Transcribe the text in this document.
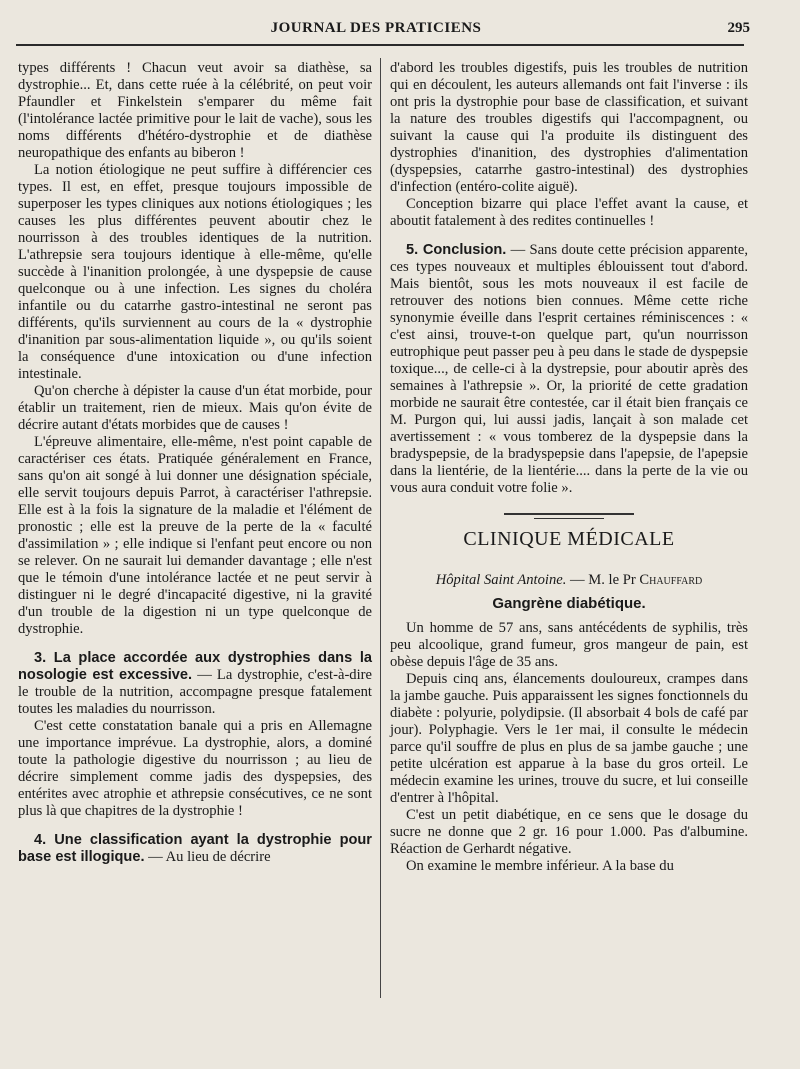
JOURNAL DES PRATICIENS	295

types différents ! Chacun veut avoir sa diathèse, sa dystrophie... Et, dans cette ruée à la célébrité, on peut voir Pfaundler et Finkelstein s'emparer du même fait (l'intolérance lactée primitive pour le lait de vache), sous les noms différents d'hétéro-dystrophie et de diathèse neuropathique des enfants au biberon !

La notion étiologique ne peut suffire à différencier ces types. Il est, en effet, presque toujours impossible de superposer les types cliniques aux notions étiologiques ; les causes les plus différentes peuvent aboutir chez le nourrisson à des troubles identiques de la nutrition. L'athrepsie sera toujours identique à elle-même, qu'elle succède à l'inanition prolongée, à une dyspepsie de cause quelconque ou à une infection. Les signes du choléra infantile ou du catarrhe gastro-intestinal ne seront pas différents, qu'ils surviennent au cours de la « dystrophie d'inanition par sous-alimentation liquide », ou qu'ils soient la conséquence d'une intoxication ou d'une infection intestinale.

Qu'on cherche à dépister la cause d'un état morbide, pour établir un traitement, rien de mieux. Mais qu'on évite de décrire autant d'états morbides que de causes !

L'épreuve alimentaire, elle-même, n'est point capable de caractériser ces états. Pratiquée généralement en France, sans qu'on ait songé à lui donner une désignation spéciale, elle servit toujours depuis Parrot, à caractériser l'athrepsie. Elle est à la fois la signature de la maladie et l'élément de pronostic ; elle est la preuve de la perte de la « faculté d'assimilation » ; elle indique si l'enfant peut encore ou non se relever. On ne saurait lui demander davantage ; elle n'est que le témoin d'une intolérance lactée et ne peut servir à distinguer ni le degré d'incapacité digestive, ni la gravité d'un trouble de la digestion ni un type quelconque de dystrophie.

3. La place accordée aux dystrophies dans la nosologie est excessive. — La dystrophie, c'est-à-dire le trouble de la nutrition, accompagne presque fatalement toutes les maladies du nourrisson.

C'est cette constatation banale qui a pris en Allemagne une importance imprévue. La dystrophie, alors, a dominé toute la pathologie digestive du nourrisson ; au lieu de décrire simplement comme jadis des dyspepsies, des entérites avec atrophie et athrepsie consécutives, ce ne sont plus là que chapitres de la dystrophie !

4. Une classification ayant la dystrophie pour base est illogique. — Au lieu de décrire

d'abord les troubles digestifs, puis les troubles de nutrition qui en découlent, les auteurs allemands ont fait l'inverse : ils ont pris la dystrophie pour base de classification, et suivant la nature des troubles digestifs qui l'accompagnent, ou suivant la cause qui l'a produite ils distinguent des dystrophies d'inanition, des dystrophies d'alimentation (dyspepsies, catarrhe gastro-intestinal) des dystrophies d'infection (entéro-colite aiguë).

Conception bizarre qui place l'effet avant la cause, et aboutit fatalement à des redites continuelles !

5. Conclusion. — Sans doute cette précision apparente, ces types nouveaux et multiples éblouissent tout d'abord. Mais bientôt, sous les mots nouveaux il est facile de retrouver des notions bien connues. Même cette riche synonymie éveille dans l'esprit certaines réminiscences : « c'est ainsi, trouve-t-on quelque part, qu'un nourrisson eutrophique peut passer peu à peu dans le stade de dyspepsie toxique..., de celle-ci à la dystrepsie, pour aboutir après des semaines à l'athrepsie ». Or, la priorité de cette gradation morbide ne saurait être contestée, car il était bien français ce M. Purgon qui, lui aussi jadis, lançait à son malade cet avertissement : « vous tomberez de la dyspepsie dans la bradyspepsie, de la bradyspepsie dans l'apepsie, de l'apepsie dans la lientérie, de la lientérie.... dans la perte de la vie ou vous aura conduit votre folie ».

CLINIQUE MÉDICALE
Hôpital Saint Antoine. — M. le Pr Chauffard
Gangrène diabétique.

Un homme de 57 ans, sans antécédents de syphilis, très peu alcoolique, grand fumeur, gros mangeur de pain, est obèse depuis l'âge de 35 ans.

Depuis cinq ans, élancements douloureux, crampes dans la jambe gauche. Puis apparaissent les signes fonctionnels du diabète : polyurie, polydipsie. (Il absorbait 4 bols de café par jour). Polyphagie. Vers le 1er mai, il consulte le médecin parce qu'il souffre de plus en plus de sa jambe gauche ; une petite ulcération est apparue à la base du gros orteil. Le médecin examine les urines, trouve du sucre, et lui conseille d'entrer à l'hôpital.

C'est un petit diabétique, en ce sens que le dosage du sucre ne donne que 2 gr. 16 pour 1.000. Pas d'albumine. Réaction de Gerhardt négative.

On examine le membre inférieur. A la base du
